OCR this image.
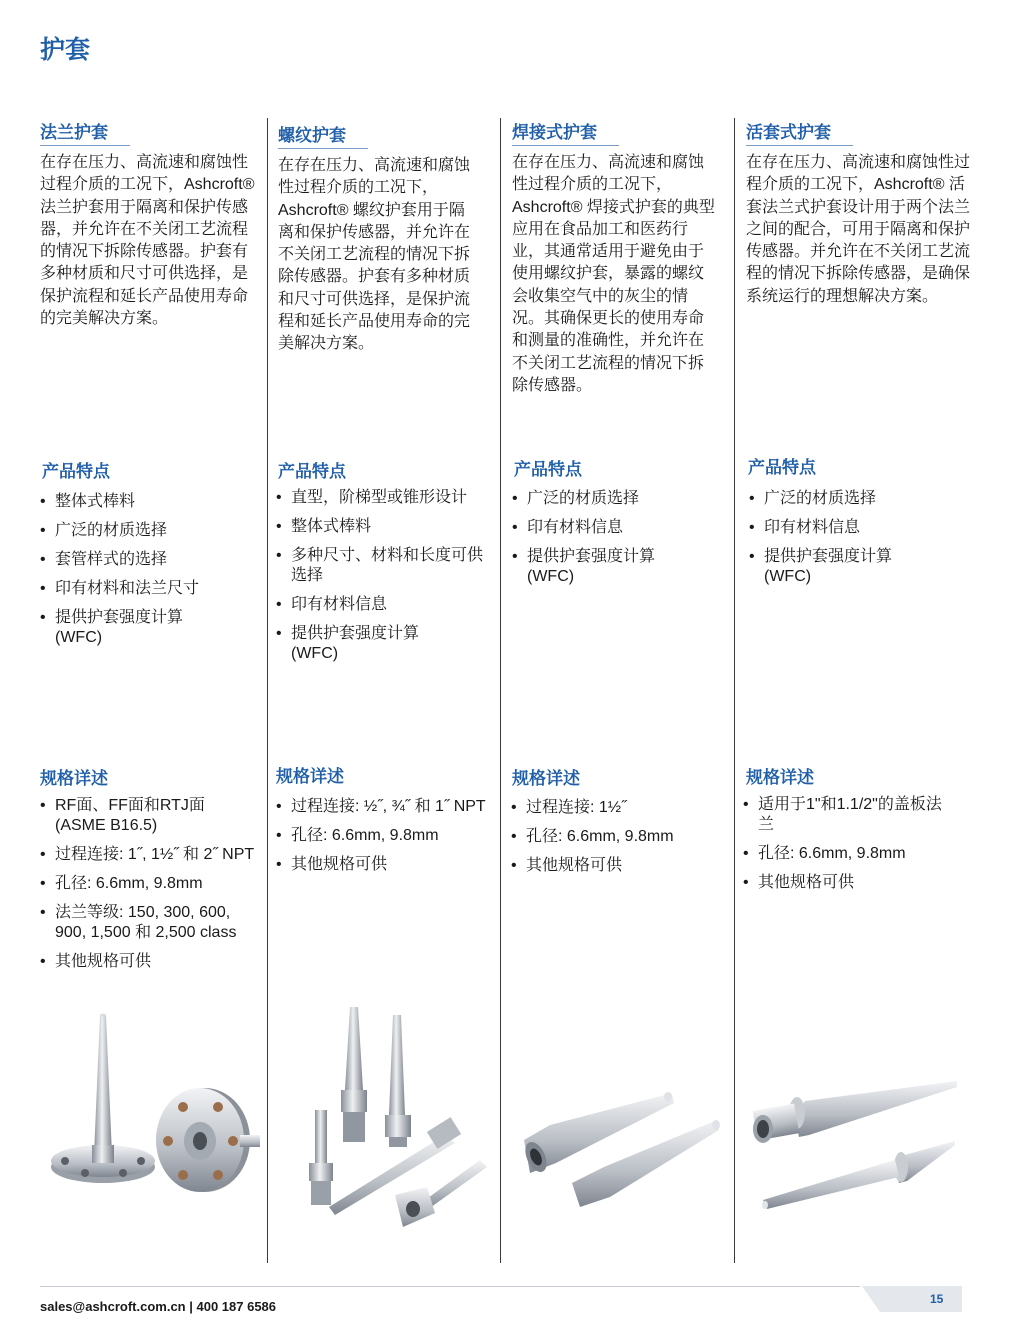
护套
法兰护套

在存在压力、高流速和腐蚀性过程介质的工况下，Ashcroft® 法兰护套用于隔离和保护传感器，并允许在不关闭工艺流程的情况下拆除传感器。护套有多种材质和尺寸可供选择，是保护流程和延长产品使用寿命的完美解决方案。

产品特点
• 整体式棒料
• 广泛的材质选择
• 套管样式的选择
• 印有材料和法兰尺寸
• 提供护套强度计算 (WFC)
规格详述
• RF面、FF面和RTJ面 (ASME B16.5)
• 过程连接: 1˝, 1½˝ 和 2˝ NPT
• 孔径: 6.6mm, 9.8mm
• 法兰等级: 150, 300, 600, 900, 1,500 和 2,500 class
• 其他规格可供
螺纹护套

在存在压力、高流速和腐蚀性过程介质的工况下，Ashcroft® 螺纹护套用于隔离和保护传感器，并允许在不关闭工艺流程的情况下拆除传感器。护套有多种材质和尺寸可供选择，是保护流程和延长产品使用寿命的完美解决方案。

产品特点
• 直型，阶梯型或锥形设计
• 整体式棒料
• 多种尺寸、材料和长度可供选择
• 印有材料信息
• 提供护套强度计算 (WFC)
规格详述
• 过程连接: ½˝, ¾˝ 和 1˝ NPT
• 孔径: 6.6mm, 9.8mm
• 其他规格可供
焊接式护套

在存在压力、高流速和腐蚀性过程介质的工况下，Ashcroft® 焊接式护套的典型应用在食品加工和医药行业，其通常适用于避免由于使用螺纹护套，暴露的螺纹会收集空气中的灰尘的情况。其确保更长的使用寿命和测量的准确性，并允许在不关闭工艺流程的情况下拆除传感器。

产品特点
• 广泛的材质选择
• 印有材料信息
• 提供护套强度计算 (WFC)
规格详述
• 过程连接: 1½˝
• 孔径: 6.6mm, 9.8mm
• 其他规格可供
活套式护套

在存在压力、高流速和腐蚀性过程介质的工况下，Ashcroft® 活套法兰式护套设计用于两个法兰之间的配合，可用于隔离和保护传感器。并允许在不关闭工艺流程的情况下拆除传感器，是确保系统运行的理想解决方案。

产品特点
• 广泛的材质选择
• 印有材料信息
• 提供护套强度计算 (WFC)
规格详述
• 适用于1"和1.1/2"的盖板法兰
• 孔径: 6.6mm, 9.8mm
• 其他规格可供
15
sales@ashcroft.com.cn | 400 187 6586
